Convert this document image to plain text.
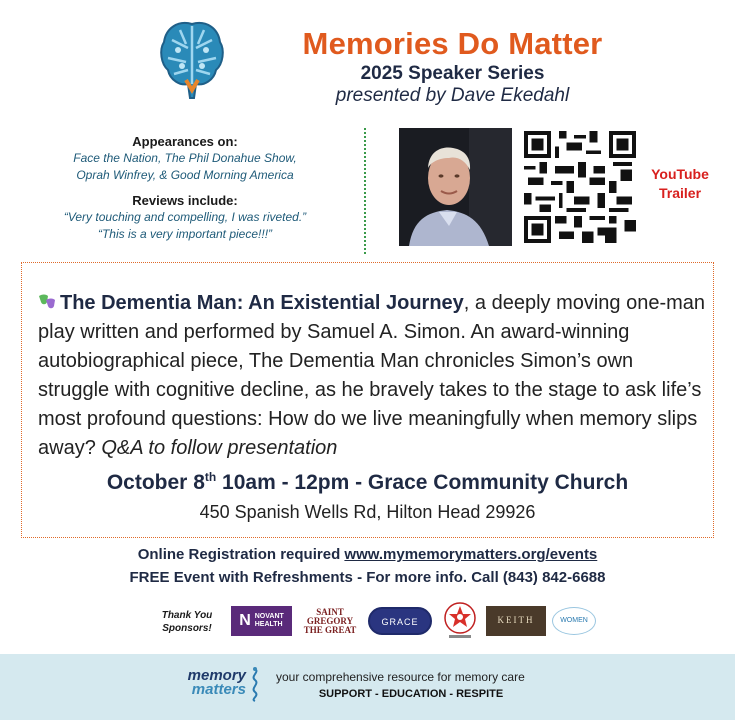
Memories Do Matter
2025 Speaker Series
presented by Dave Ekedahl
Appearances on:
Face the Nation, The Phil Donahue Show,
Oprah Winfrey, & Good Morning America
Reviews include:
“Very touching and compelling, I was riveted.”
“This is a very important piece!!!”
YouTube
Trailer
The Dementia Man: An Existential Journey, a deeply moving one-man play written and performed by Samuel A. Simon. An award-winning autobiographical piece, The Dementia Man chronicles Simon’s own struggle with cognitive decline, as he bravely takes to the stage to ask life’s most profound questions: How do we live meaningfully when memory slips away? Q&A to follow presentation
October 8th 10am - 12pm - Grace Community Church
450 Spanish Wells Rd, Hilton Head 29926
Online Registration required www.mymemorymatters.org/events
FREE Event with Refreshments - For more info. Call (843) 842-6688
Thank You
Sponsors!	N NOVANT
HEALTH
SAINT
GREGORY
THE GREAT
GRACE	KEITH	WOMEN
memory
matters
your comprehensive resource for memory care
SUPPORT - EDUCATION - RESPITE
